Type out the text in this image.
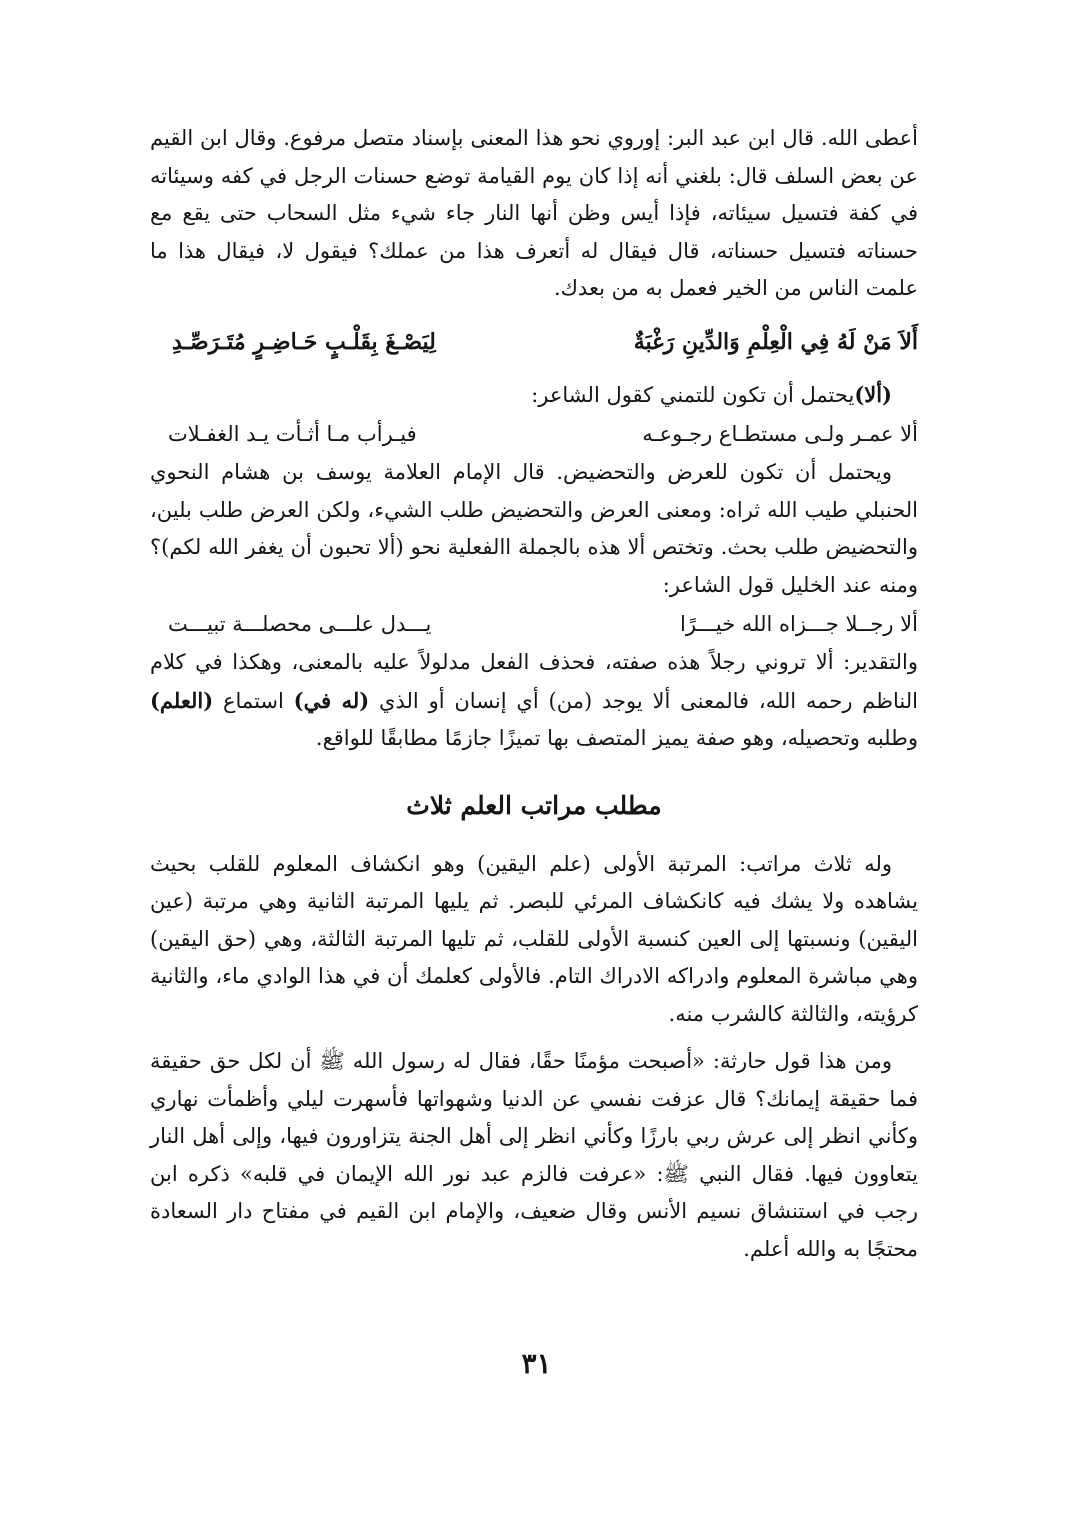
أعطى الله. قال ابن عبد البر: إوروي نحو هذا المعنى بإسناد متصل مرفوع. وقال ابن القيم عن بعض السلف قال: بلغني أنه إذا كان يوم القيامة توضع حسنات الرجل في كفه وسيئاته في كفة فتسيل سيئاته، فإذا أيس وظن أنها النار جاء شيء مثل السحاب حتى يقع مع حسناته فتسيل حسناته، قال فيقال له أتعرف هذا من عملك؟ فيقول لا، فيقال هذا ما علمت الناس من الخير فعمل به من بعدك.

أَلاَ مَنْ لَهُ فِي الْعِلْمِ وَالدِّينِ رَغْبَةٌ
لِيَصْـغَ بِقَلْـبٍ حَـاضِـرٍ مُتَـرَصِّـدِ

(ألا)يحتمل أن تكون للتمني كقول الشاعر:

ألا عمـر ولـى مستطـاع رجـوعـه
فيـرأب مـا أثـأت يـد الغفـلات

ويحتمل أن تكون للعرض والتحضيض. قال الإمام العلامة يوسف بن هشام النحوي الحنبلي طيب الله ثراه: ومعنى العرض والتحضيض طلب الشيء، ولكن العرض طلب بلين، والتحضيض طلب بحث. وتختص ألا هذه بالجملة االفعلية نحو (ألا تحبون أن يغفر الله لكم)؟ ومنه عند الخليل قول الشاعر:

ألا رجــلا جـــزاه الله خيـــرًا
يـــدل علـــى محصلـــة تبيـــت

والتقدير: ألا تروني رجلاً هذه صفته، فحذف الفعل مدلولاً عليه بالمعنى، وهكذا في كلام الناظم رحمه الله، فالمعنى ألا يوجد (من) أي إنسان أو الذي (له في) استماع (العلم) وطلبه وتحصيله، وهو صفة يميز المتصف بها تميزًا جازمًا مطابقًا للواقع.

مطلب مراتب العلم ثلاث

وله ثلاث مراتب: المرتبة الأولى (علم اليقين) وهو انكشاف المعلوم للقلب بحيث يشاهده ولا يشك فيه كانكشاف المرئي للبصر. ثم يليها المرتبة الثانية وهي مرتبة (عين اليقين) ونسبتها إلى العين كنسبة الأولى للقلب، ثم تليها المرتبة الثالثة، وهي (حق اليقين) وهي مباشرة المعلوم وادراكه الادراك التام. فالأولى كعلمك أن في هذا الوادي ماء، والثانية كرؤيته، والثالثة كالشرب منه.

ومن هذا قول حارثة: «أصبحت مؤمنًا حقًا، فقال له رسول الله ﷺ أن لكل حق حقيقة فما حقيقة إيمانك؟ قال عزفت نفسي عن الدنيا وشهواتها فأسهرت ليلي وأظمأت نهاري وكأني انظر إلى عرش ربي بارزًا وكأني انظر إلى أهل الجنة يتزاورون فيها، وإلى أهل النار يتعاوون فيها. فقال النبي ﷺ: «عرفت فالزم عبد نور الله الإيمان في قلبه» ذكره ابن رجب في استنشاق نسيم الأنس وقال ضعيف، والإمام ابن القيم في مفتاح دار السعادة محتجًا به والله أعلم.

٣١
